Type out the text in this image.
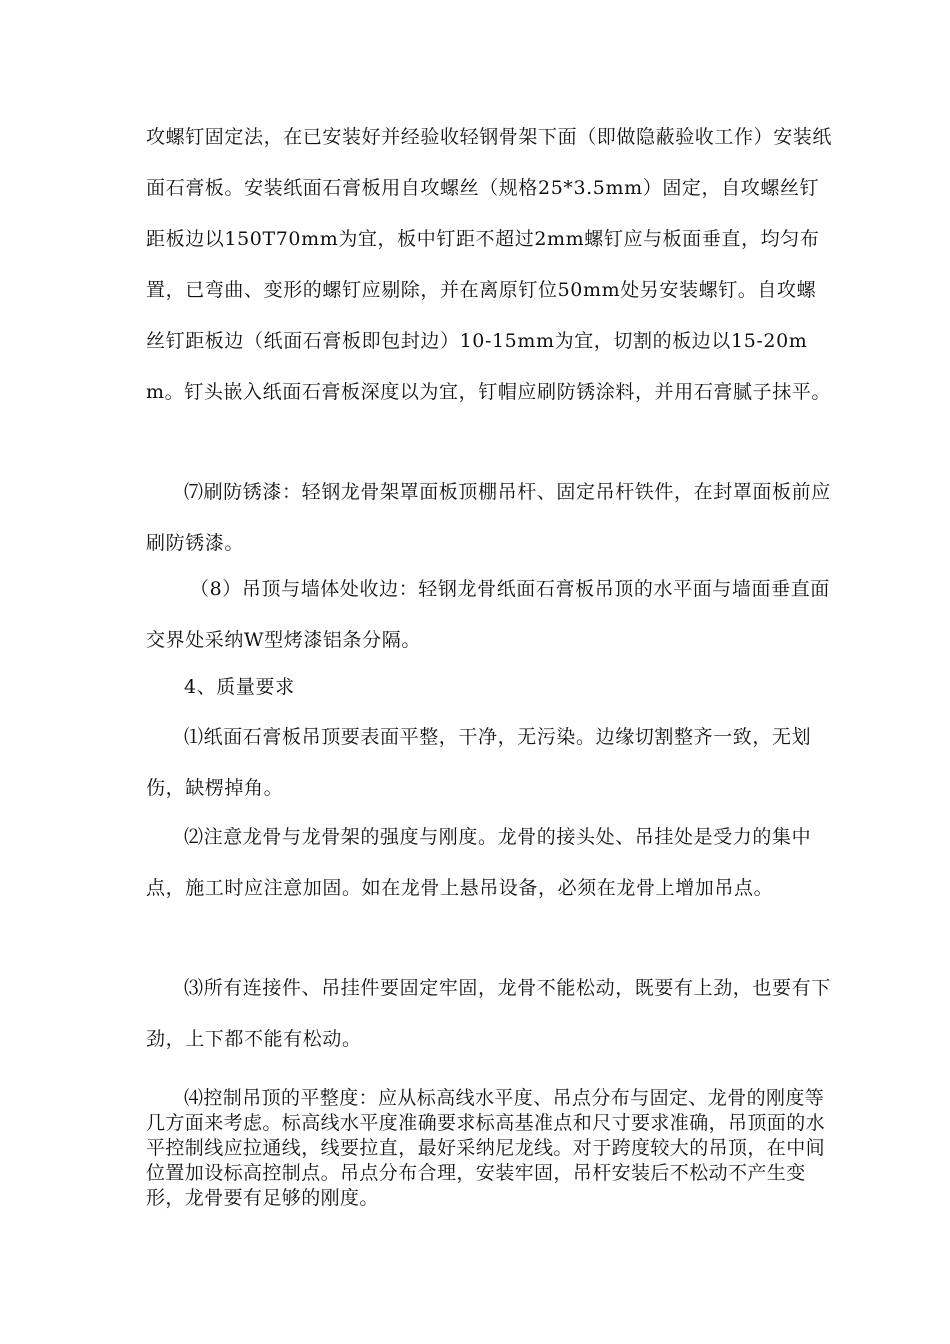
攻螺钉固定法，在已安装好并经验收轻钢骨架下面（即做隐蔽验收工作）安装纸面石膏板。安装纸面石膏板用自攻螺丝（规格25*3.5mm）固定，自攻螺丝钉距板边以150T70mm为宜，板中钉距不超过2mm螺钉应与板面垂直，均匀布置，已弯曲、变形的螺钉应剔除，并在离原钉位50mm处另安装螺钉。自攻螺丝钉距板边（纸面石膏板即包封边）10-15mm为宜，切割的板边以15-20mm。钉头嵌入纸面石膏板深度以为宜，钉帽应刷防锈涂料，并用石膏腻子抹平。

⑺刷防锈漆：轻钢龙骨架罩面板顶棚吊杆、固定吊杆铁件，在封罩面板前应刷防锈漆。

（8）吊顶与墙体处收边：轻钢龙骨纸面石膏板吊顶的水平面与墙面垂直面交界处采纳W型烤漆铝条分隔。

4、质量要求

⑴纸面石膏板吊顶要表面平整，干净，无污染。边缘切割整齐一致，无划伤，缺楞掉角。

⑵注意龙骨与龙骨架的强度与刚度。龙骨的接头处、吊挂处是受力的集中点，施工时应注意加固。如在龙骨上悬吊设备，必须在龙骨上增加吊点。

⑶所有连接件、吊挂件要固定牢固，龙骨不能松动，既要有上劲，也要有下劲，上下都不能有松动。

⑷控制吊顶的平整度：应从标高线水平度、吊点分布与固定、龙骨的刚度等几方面来考虑。标高线水平度准确要求标高基准点和尺寸要求准确，吊顶面的水平控制线应拉通线，线要拉直，最好采纳尼龙线。对于跨度较大的吊顶，在中间位置加设标高控制点。吊点分布合理，安装牢固，吊杆安装后不松动不产生变形，龙骨要有足够的刚度。
